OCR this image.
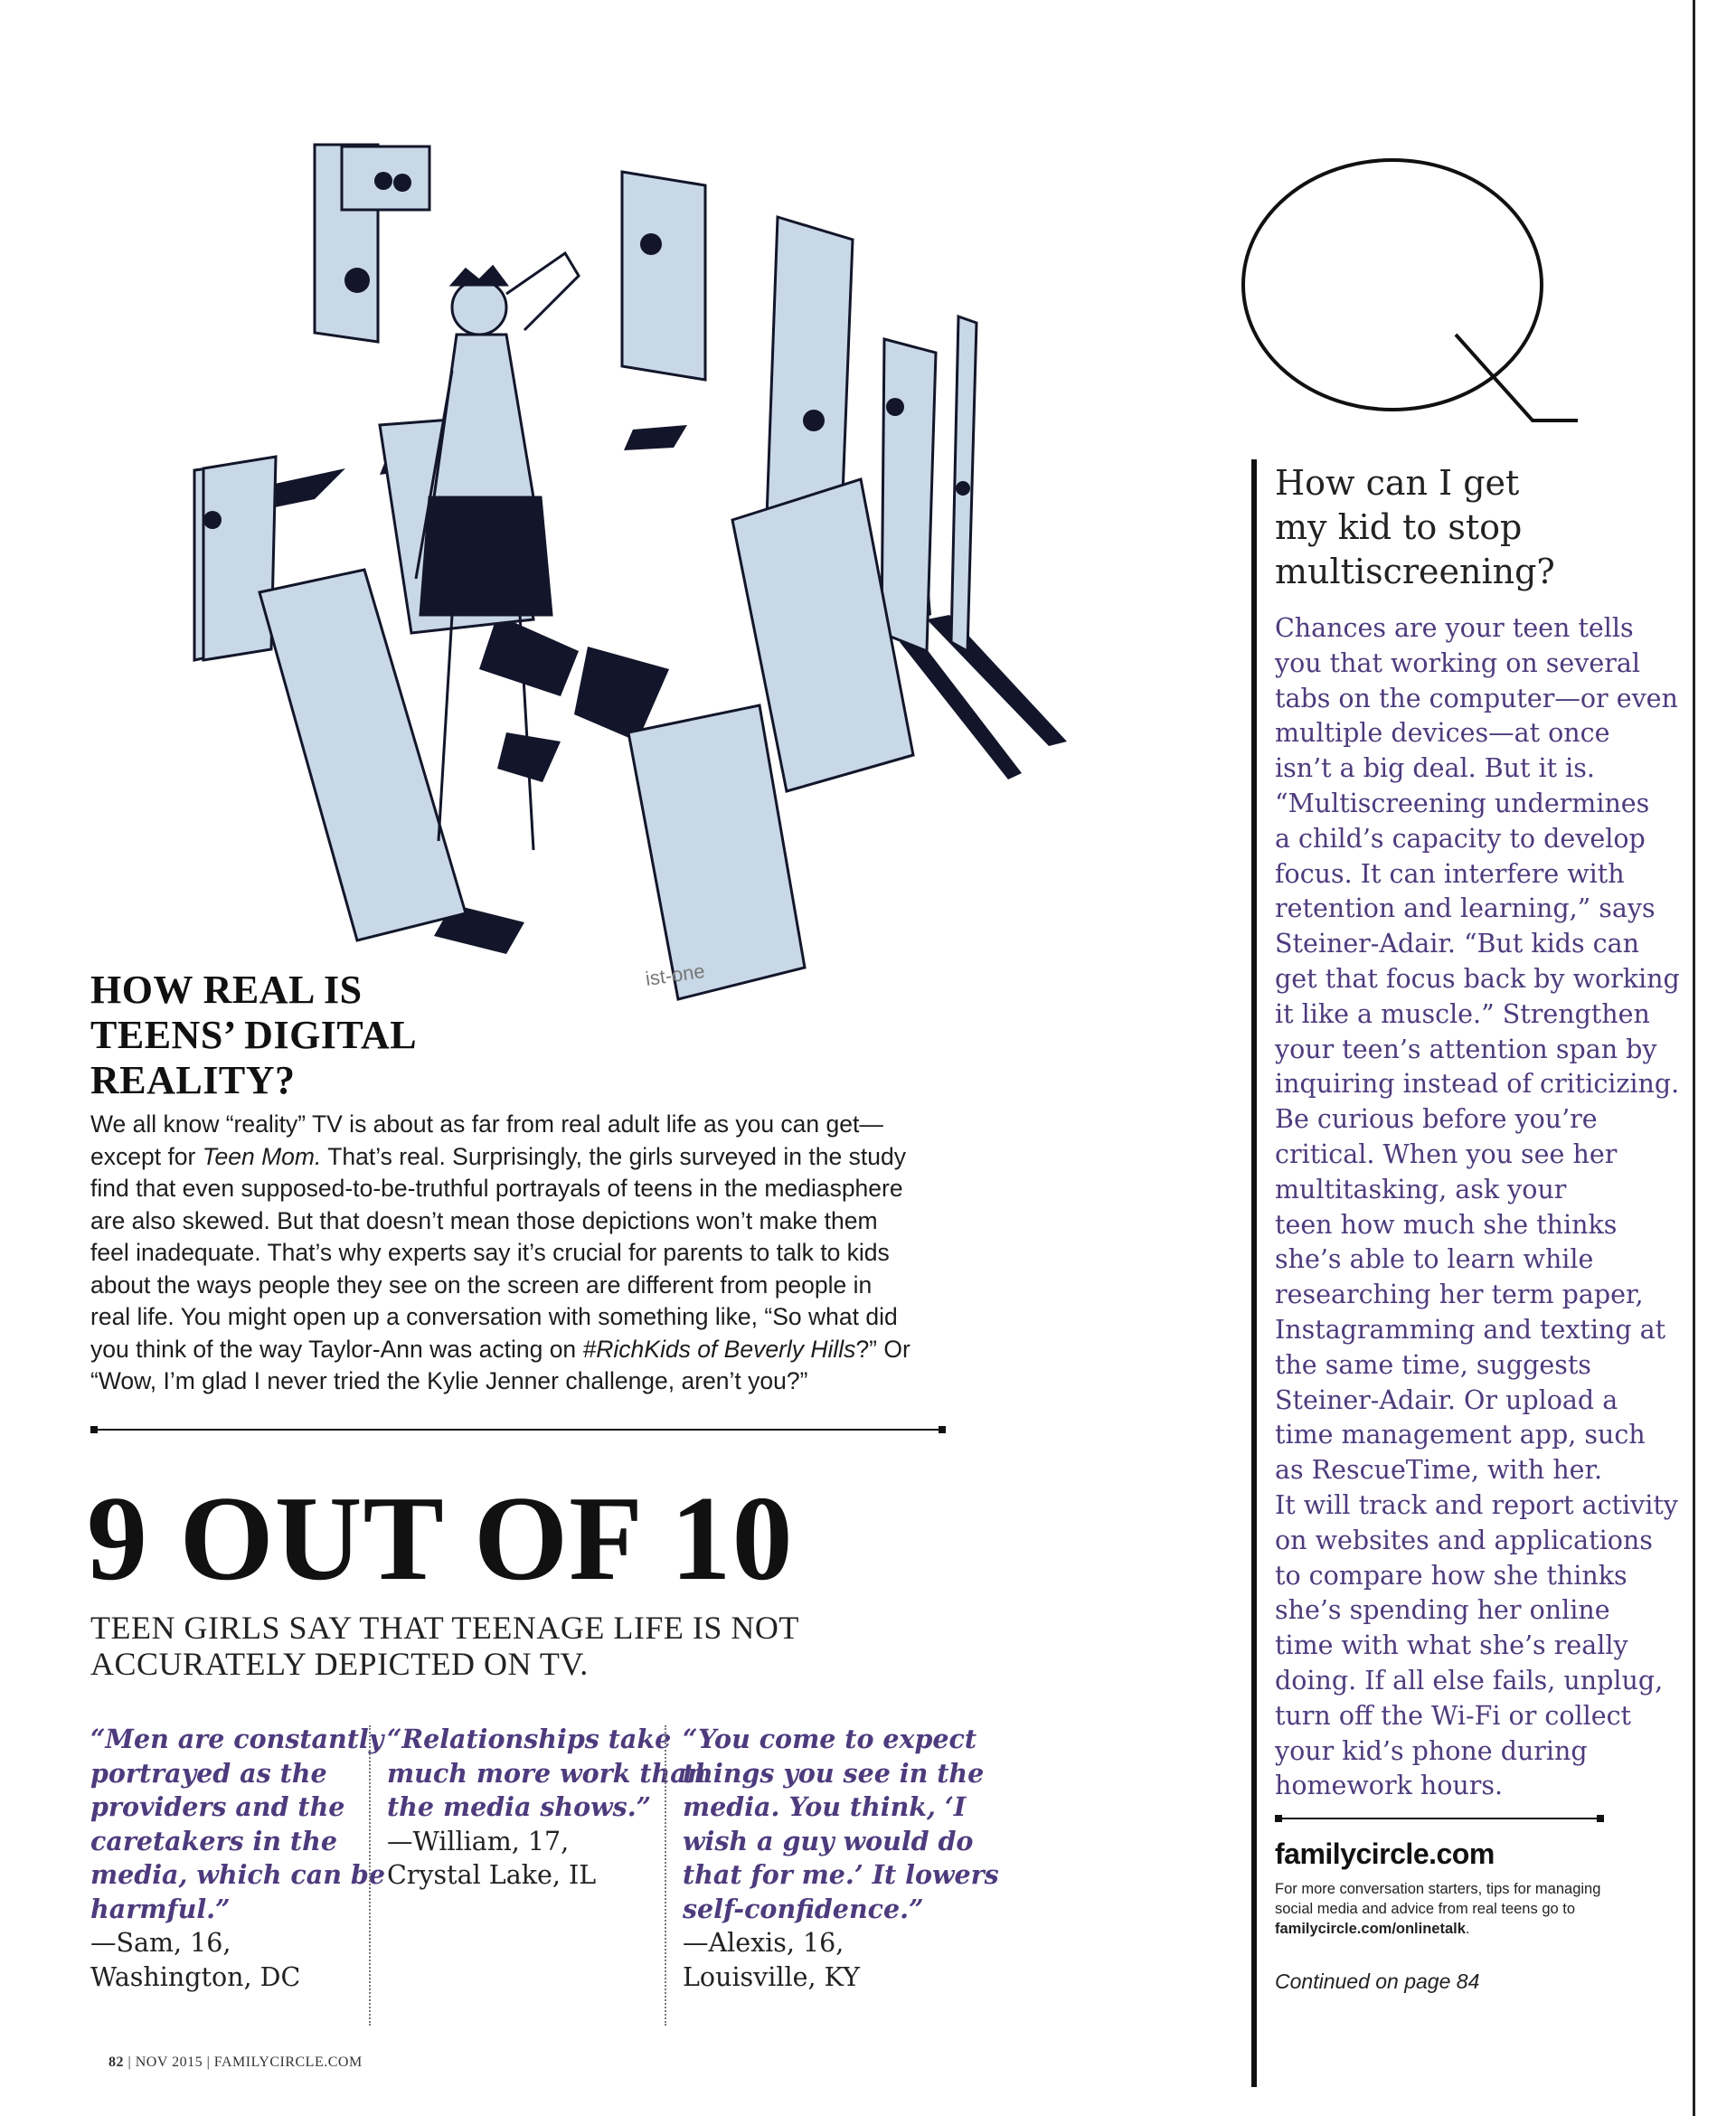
ist-one
HOW REAL IS
TEENS’ DIGITAL
REALITY?
We all know “reality” TV is about as far from real adult life as you can get—
except for Teen Mom. That’s real. Surprisingly, the girls surveyed in the study
find that even supposed-to-be-truthful portrayals of teens in the mediasphere
are also skewed. But that doesn’t mean those depictions won’t make them
feel inadequate. That’s why experts say it’s crucial for parents to talk to kids
about the ways people they see on the screen are different from people in
real life. You might open up a conversation with something like, “So what did
you think of the way Taylor-Ann was acting on #RichKids of Beverly Hills?” Or
“Wow, I’m glad I never tried the Kylie Jenner challenge, aren’t you?”
9 OUT OF 10
TEEN GIRLS SAY THAT TEENAGE LIFE IS NOT
ACCURATELY DEPICTED ON TV.
“Men are constantly
portrayed as the
providers and the
caretakers in the
media, which can be
harmful.”
—Sam, 16,
Washington, DC
“Relationships take
much more work than
the media shows.”
—William, 17,
Crystal Lake, IL
“You come to expect
things you see in the
media. You think, ‘I
wish a guy would do
that for me.’ It lowers
self-confidence.”
—Alexis, 16,
Louisville, KY
82 | NOV 2015 | FAMILYCIRCLE.COM
Q
How can I get
my kid to stop
multiscreening?
Chances are your teen tells
you that working on several
tabs on the computer—or even
multiple devices—at once
isn’t a big deal. But it is.
“Multiscreening undermines
a child’s capacity to develop
focus. It can interfere with
retention and learning,” says
Steiner-Adair. “But kids can
get that focus back by working
it like a muscle.” Strengthen
your teen’s attention span by
inquiring instead of criticizing.
Be curious before you’re
critical. When you see her
multitasking, ask your
teen how much she thinks
she’s able to learn while
researching her term paper,
Instagramming and texting at
the same time, suggests
Steiner-Adair. Or upload a
time management app, such
as RescueTime, with her.
It will track and report activity
on websites and applications
to compare how she thinks
she’s spending her online
time with what she’s really
doing. If all else fails, unplug,
turn off the Wi-Fi or collect
your kid’s phone during
homework hours.
familycircle.com
For more conversation starters, tips for managing
social media and advice from real teens go to
familycircle.com/onlinetalk.
Continued on page 84
